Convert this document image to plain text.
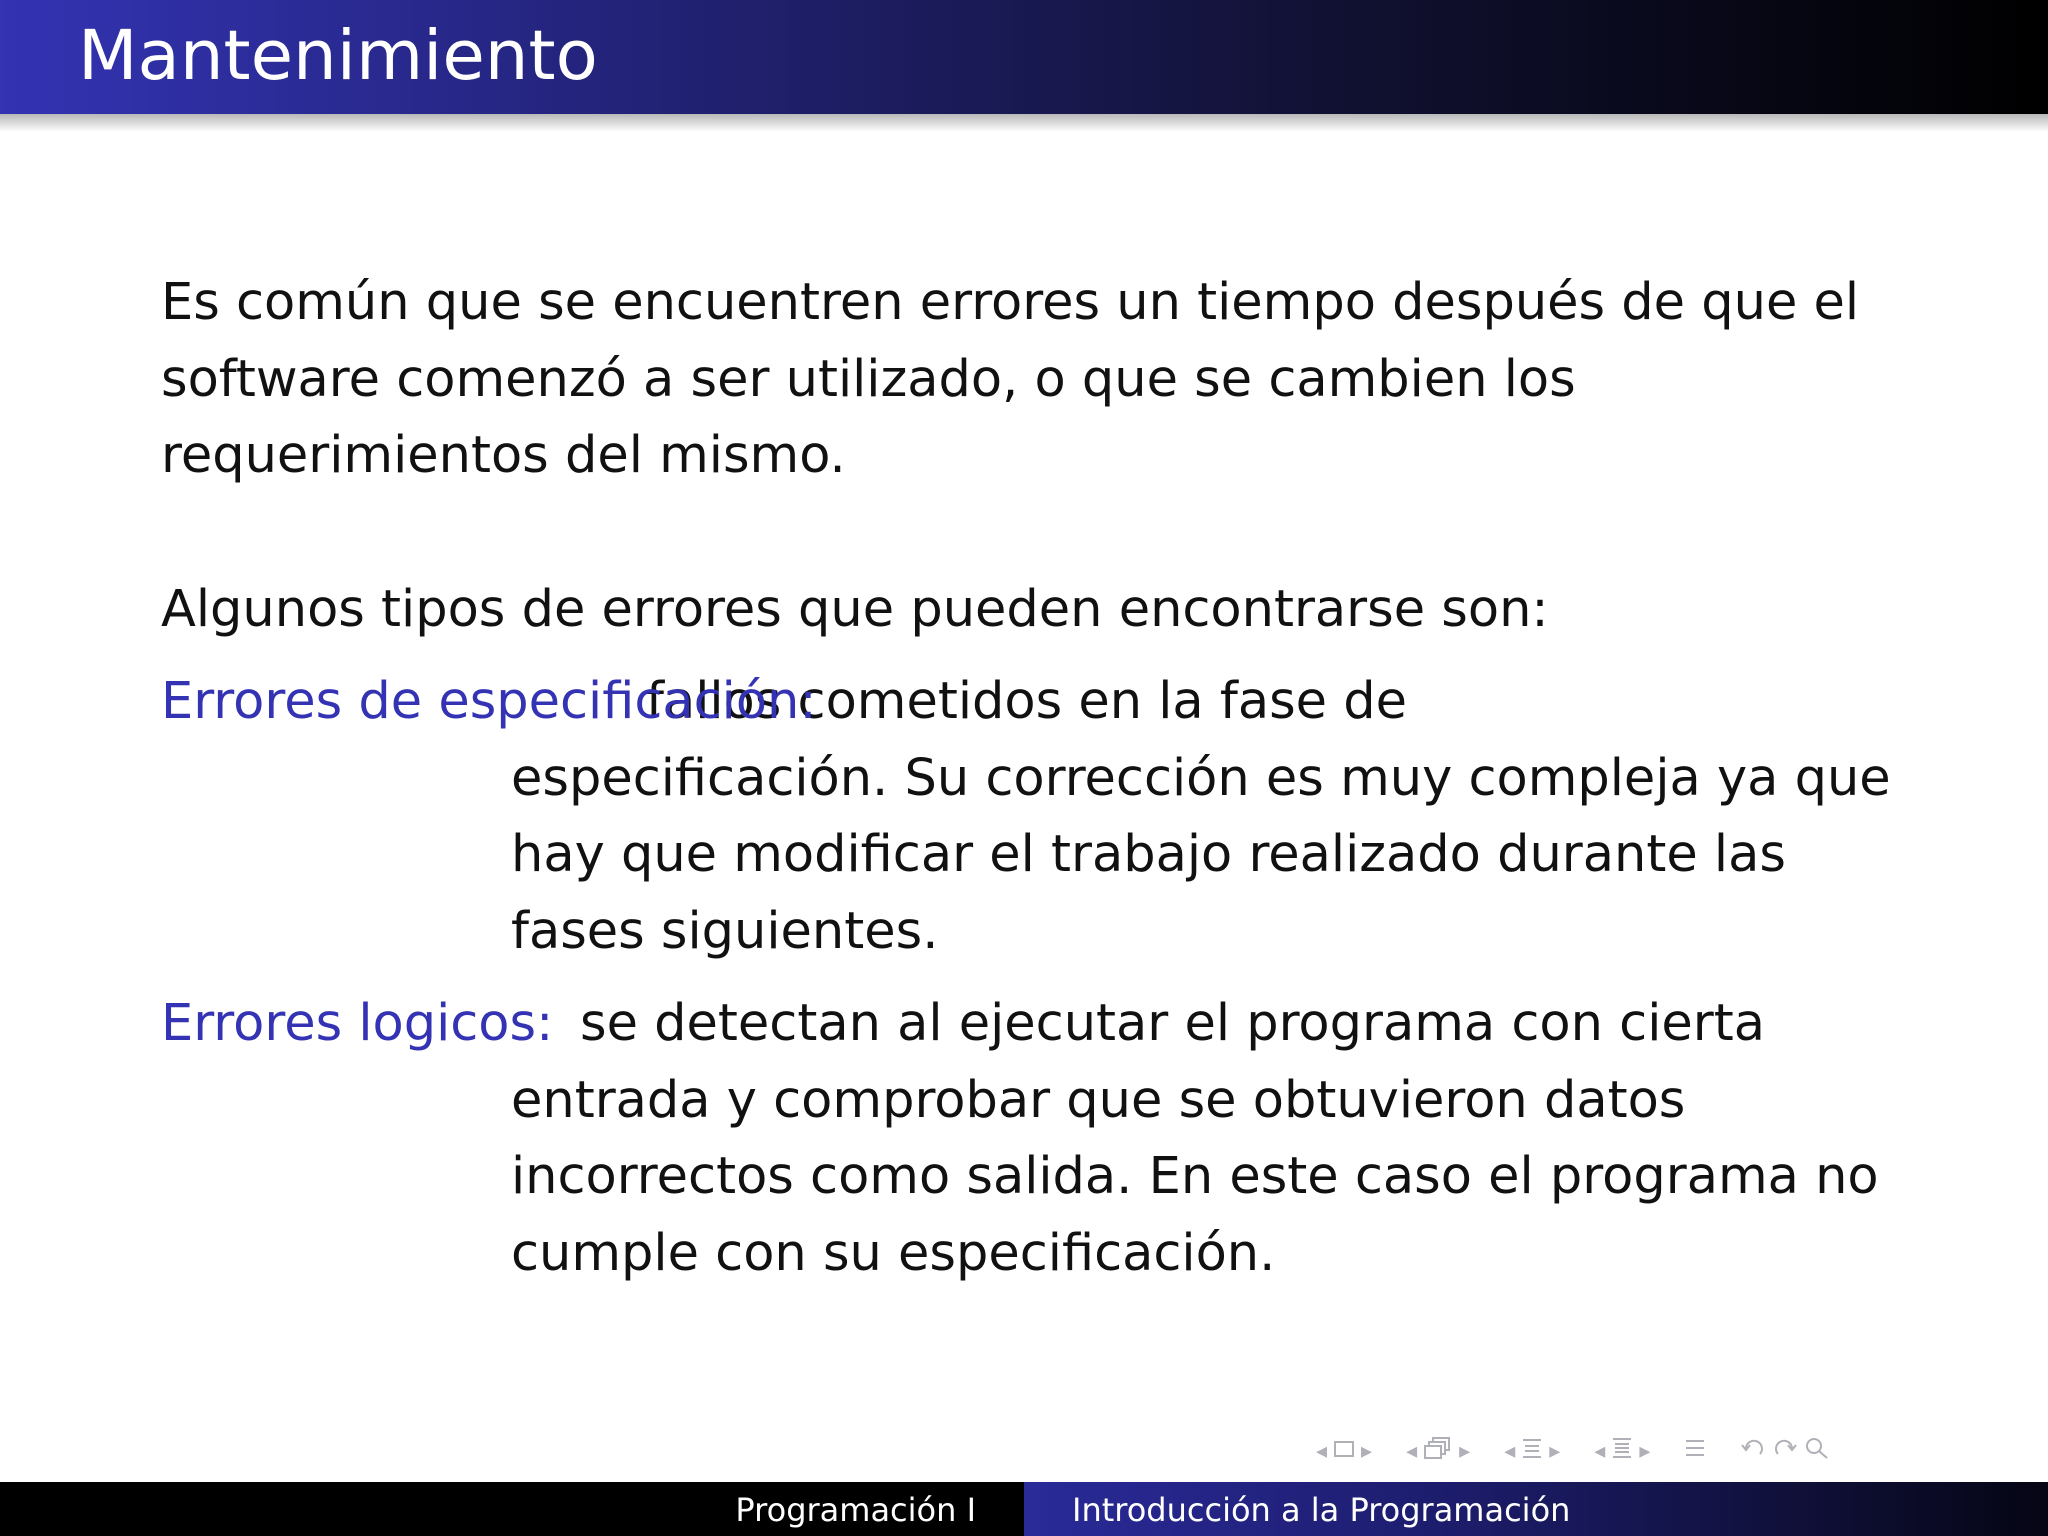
Mantenimiento

Es común que se encuentren errores un tiempo después de que el

software comenzó a ser utilizado, o que se cambien los

requerimientos del mismo.

Algunos tipos de errores que pueden encontrarse son:

Errores de especificación:
fallos cometidos en la fase de
especificación. Su corrección es muy compleja ya que
hay que modificar el trabajo realizado durante las
fases siguientes.
Errores logicos: se detectan al ejecutar el programa con cierta
entrada y comprobar que se obtuvieron datos
incorrectos como salida. En este caso el programa no
cumple con su especificación.
◂ ▸ ◂ ▸ ◂ ▸ ◂ ▸
Programación I	Introducción a la Programación
